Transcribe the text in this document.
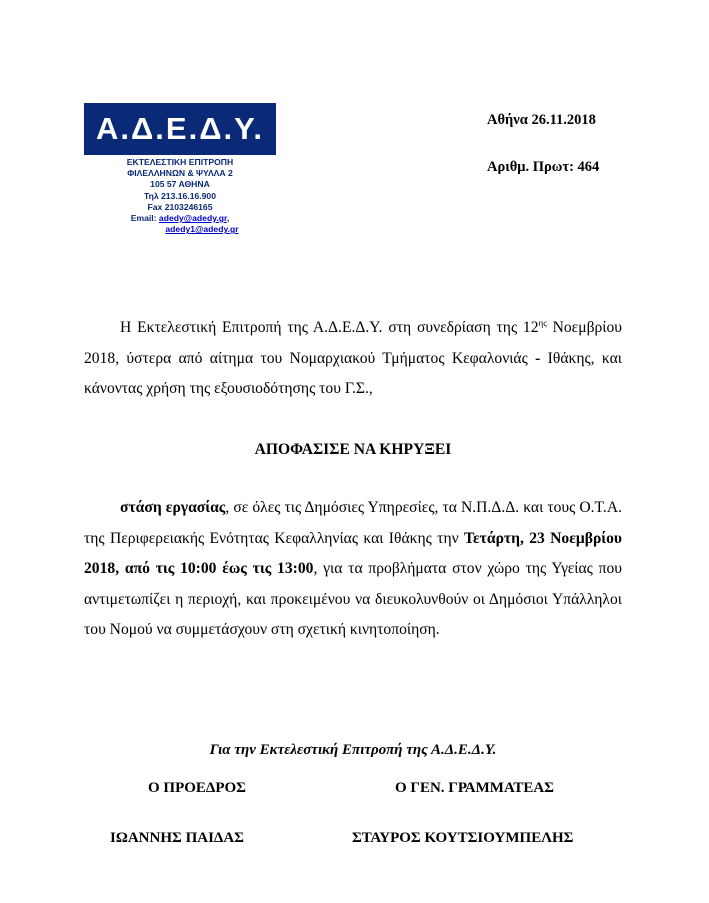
Α.Δ.Ε.Δ.Υ.
ΕΚΤΕΛΕΣΤΙΚΗ ΕΠΙΤΡΟΠΗ
ΦΙΛΕΛΛΗΝΩΝ & ΨΥΛΛΑ 2
105 57 ΑΘΗΝΑ
Τηλ 213.16.16.900
Fax 2103246165
Email: adedy@adedy.gr,
adedy1@adedy.gr
Αθήνα 26.11.2018
Αριθμ. Πρωτ: 464
Η Εκτελεστική Επιτροπή της Α.Δ.Ε.Δ.Υ. στη συνεδρίαση της $12^{\eta\varsigma}$ Νοεμβρίου 2018, ύστερα από αίτημα του Νομαρχιακού Τμήματος Κεφαλονιάς - Ιθάκης, και κάνοντας χρήση της εξουσιοδότησης του Γ.Σ.,
ΑΠΟΦΑΣΙΣΕ ΝΑ ΚΗΡΥΞΕΙ
στάση εργασίας, σε όλες τις Δημόσιες Υπηρεσίες, τα Ν.Π.Δ.Δ. και τους Ο.Τ.Α. της Περιφερειακής Ενότητας Κεφαλληνίας και Ιθάκης την Τετάρτη, 23 Νοεμβρίου 2018, από τις 10:00 έως τις 13:00, για τα προβλήματα στον χώρο της Υγείας που αντιμετωπίζει η περιοχή, και προκειμένου να διευκολυνθούν οι Δημόσιοι Υπάλληλοι του Νομού να συμμετάσχουν στη σχετική κινητοποίηση.
Για την Εκτελεστική Επιτροπή της Α.Δ.Ε.Δ.Υ.
Ο ΠΡΟΕΔΡΟΣ	Ο ΓΕΝ. ΓΡΑΜΜΑΤΕΑΣ
ΙΩΑΝΝΗΣ ΠΑΙΔΑΣ	ΣΤΑΥΡΟΣ ΚΟΥΤΣΙΟΥΜΠΕΛΗΣ
